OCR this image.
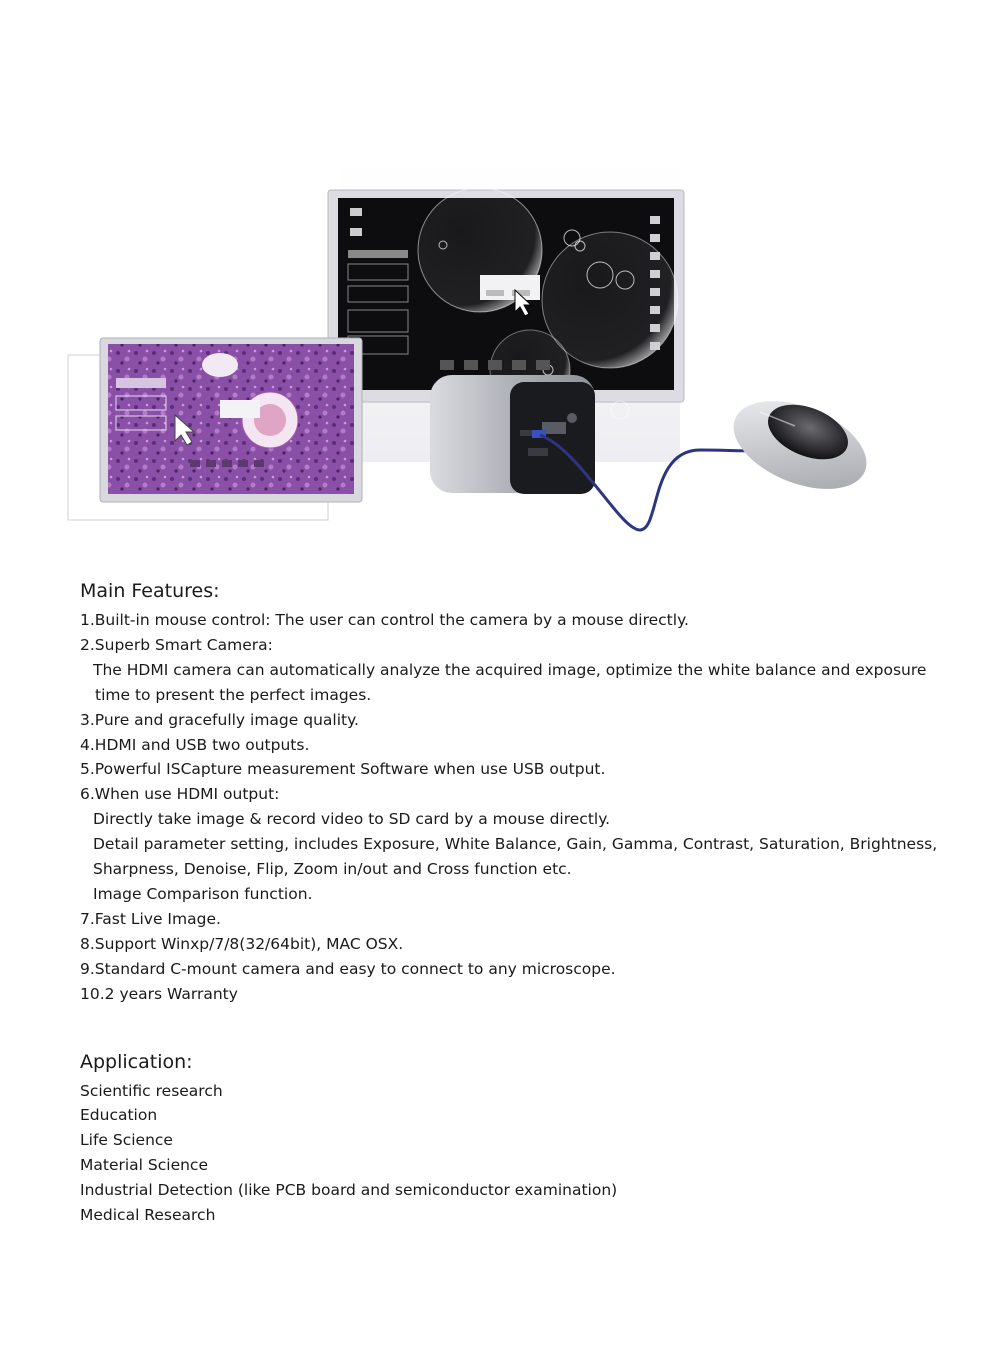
Main Features:

1.Built-in mouse control: The user can control the camera by a mouse directly.

2.Superb Smart Camera:

The HDMI camera can automatically analyze the acquired image, optimize the white balance and exposure

time to present the perfect images.

3.Pure and gracefully image quality.

4.HDMI and USB two outputs.

5.Powerful ISCapture measurement Software when use USB output.

6.When use HDMI output:

Directly take image & record video to SD card by a mouse directly.

Detail parameter setting, includes Exposure, White Balance, Gain, Gamma, Contrast, Saturation, Brightness,

Sharpness, Denoise, Flip, Zoom in/out and Cross function etc.

Image Comparison function.

7.Fast Live Image.

8.Support Winxp/7/8(32/64bit), MAC OSX.

9.Standard C-mount camera and easy to connect to any microscope.

10.2 years Warranty

Application:

Scientific research

Education

Life Science

Material Science

Industrial Detection (like PCB board and semiconductor examination)

Medical Research
